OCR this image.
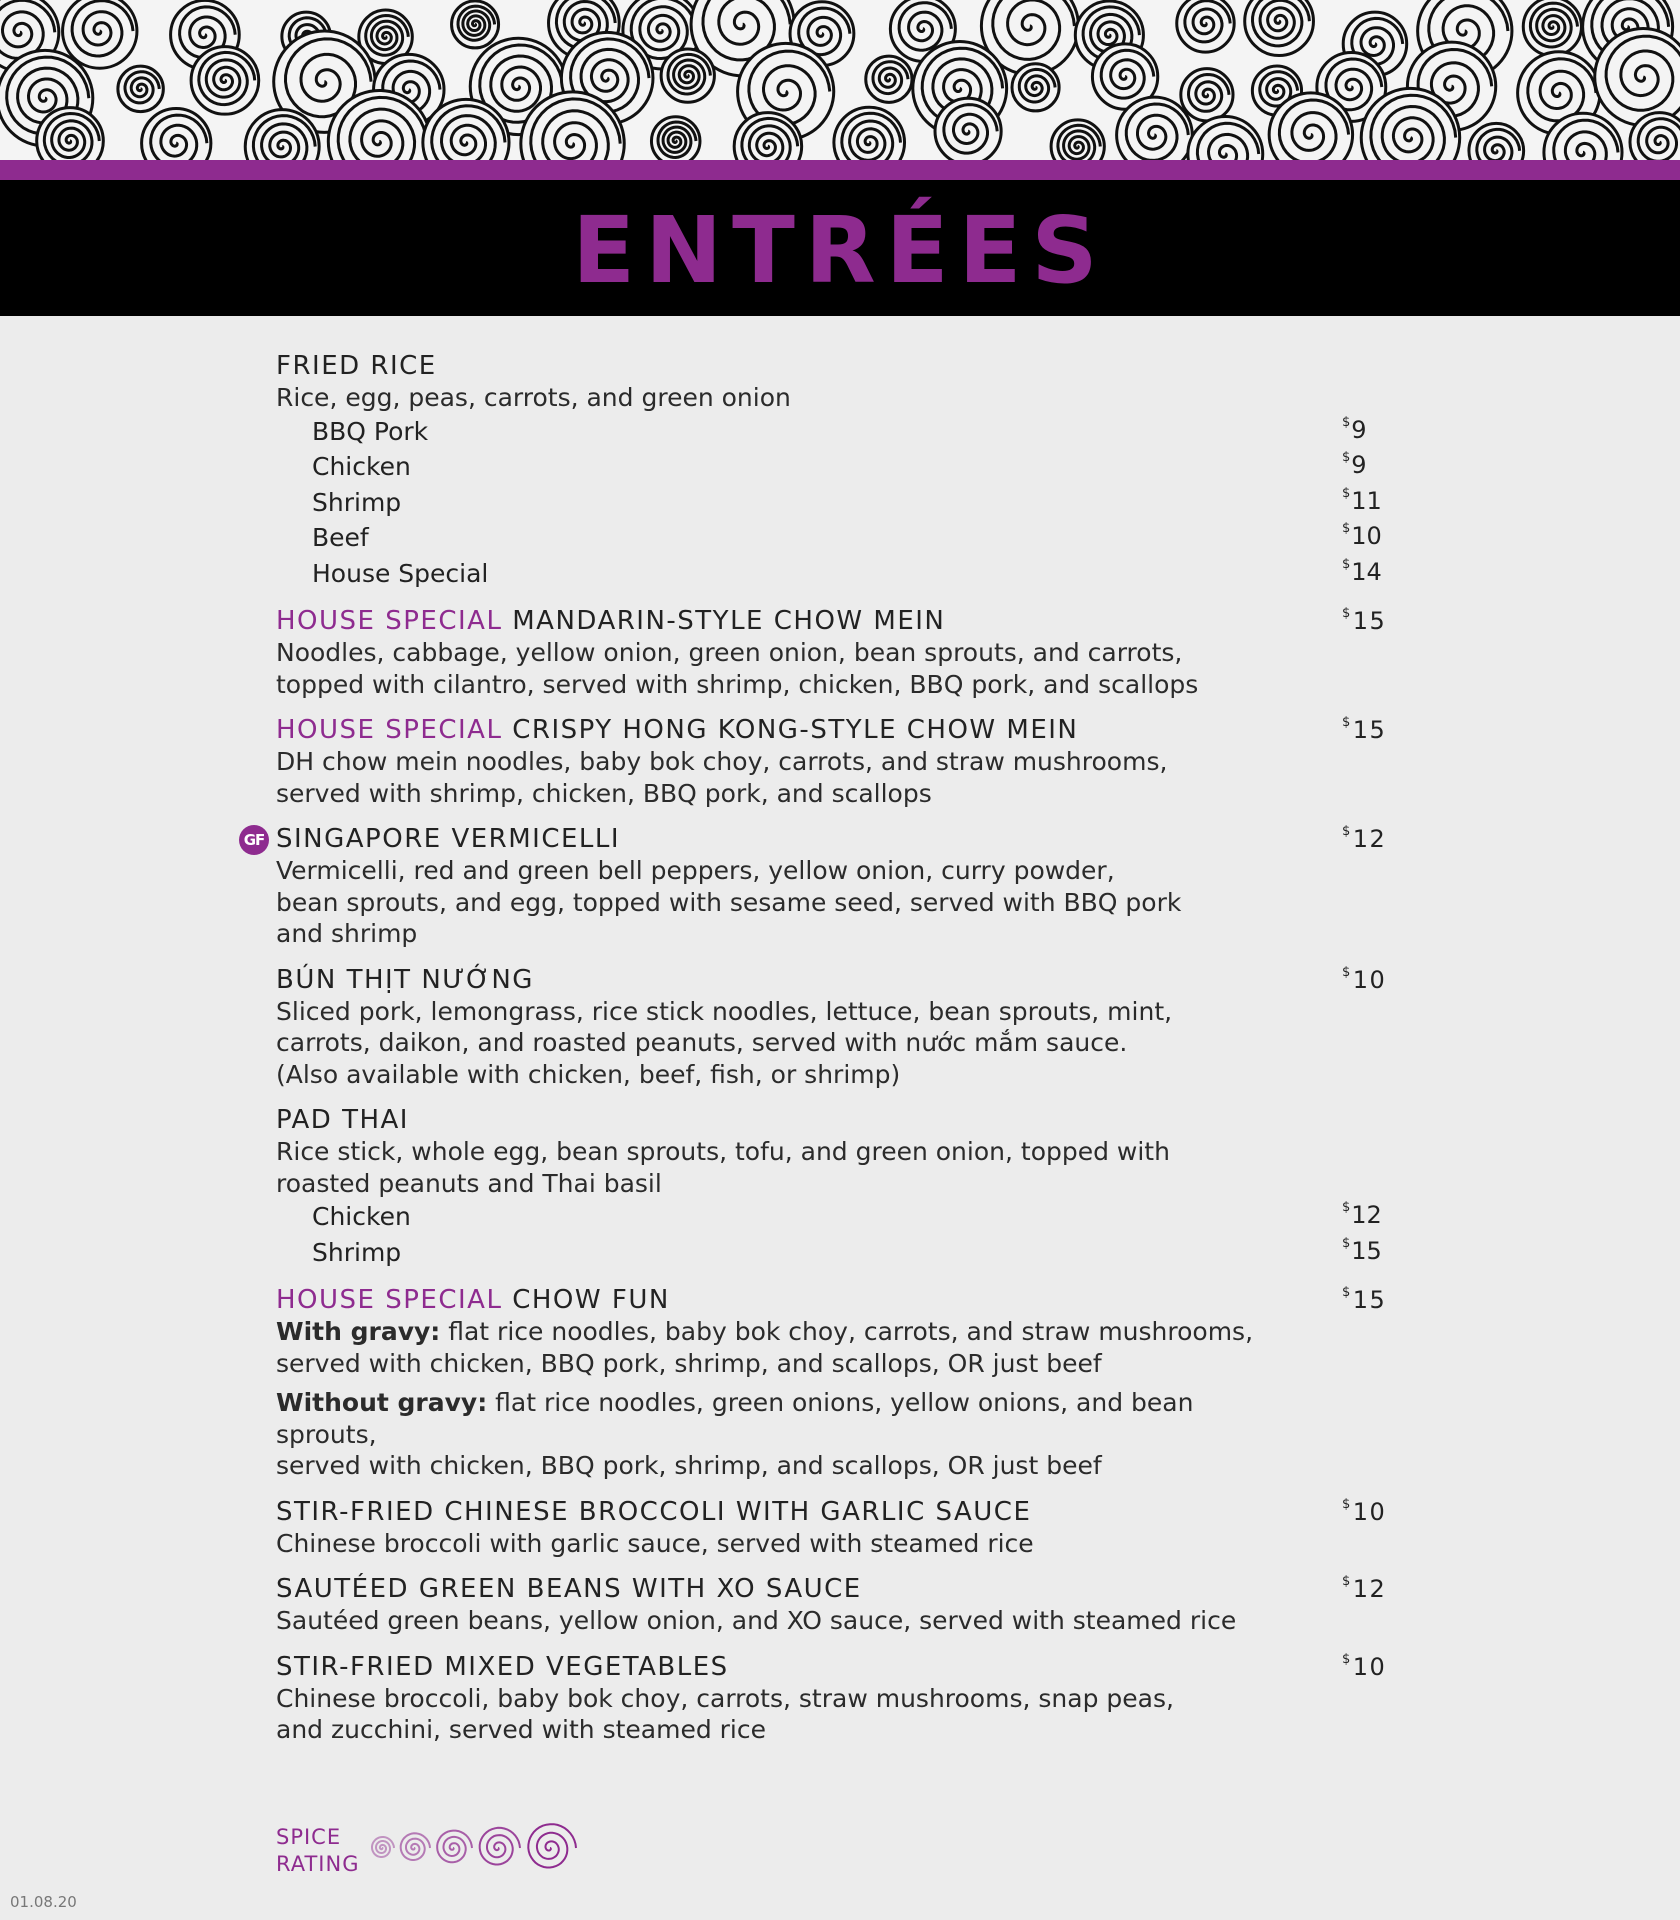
ENTRÉES
FRIED RICE
Rice, egg, peas, carrots, and green onion
BBQ Pork	$9
Chicken	$9
Shrimp	$11
Beef	$10
House Special	$14
HOUSE SPECIAL MANDARIN-STYLE CHOW MEIN	$15
Noodles, cabbage, yellow onion, green onion, bean sprouts, and carrots,
topped with cilantro, served with shrimp, chicken, BBQ pork, and scallops
HOUSE SPECIAL CRISPY HONG KONG-STYLE CHOW MEIN	$15
DH chow mein noodles, baby bok choy, carrots, and straw mushrooms,
served with shrimp, chicken, BBQ pork, and scallops
GF SINGAPORE VERMICELLI	$12
Vermicelli, red and green bell peppers, yellow onion, curry powder,
bean sprouts, and egg, topped with sesame seed, served with BBQ pork
and shrimp
BÚN THỊT NƯỚNG	$10
Sliced pork, lemongrass, rice stick noodles, lettuce, bean sprouts, mint,
carrots, daikon, and roasted peanuts, served with nước mắm sauce.
(Also available with chicken, beef, fish, or shrimp)
PAD THAI
Rice stick, whole egg, bean sprouts, tofu, and green onion, topped with
roasted peanuts and Thai basil
Chicken	$12
Shrimp	$15
HOUSE SPECIAL CHOW FUN	$15
With gravy: flat rice noodles, baby bok choy, carrots, and straw mushrooms,
served with chicken, BBQ pork, shrimp, and scallops, OR just beef
Without gravy: flat rice noodles, green onions, yellow onions, and bean sprouts,
served with chicken, BBQ pork, shrimp, and scallops, OR just beef
STIR-FRIED CHINESE BROCCOLI WITH GARLIC SAUCE	$10
Chinese broccoli with garlic sauce, served with steamed rice
SAUTÉED GREEN BEANS WITH XO SAUCE	$12
Sautéed green beans, yellow onion, and XO sauce, served with steamed rice
STIR-FRIED MIXED VEGETABLES	$10
Chinese broccoli, baby bok choy, carrots, straw mushrooms, snap peas,
and zucchini, served with steamed rice
SPICE
RATING
01.08.20
